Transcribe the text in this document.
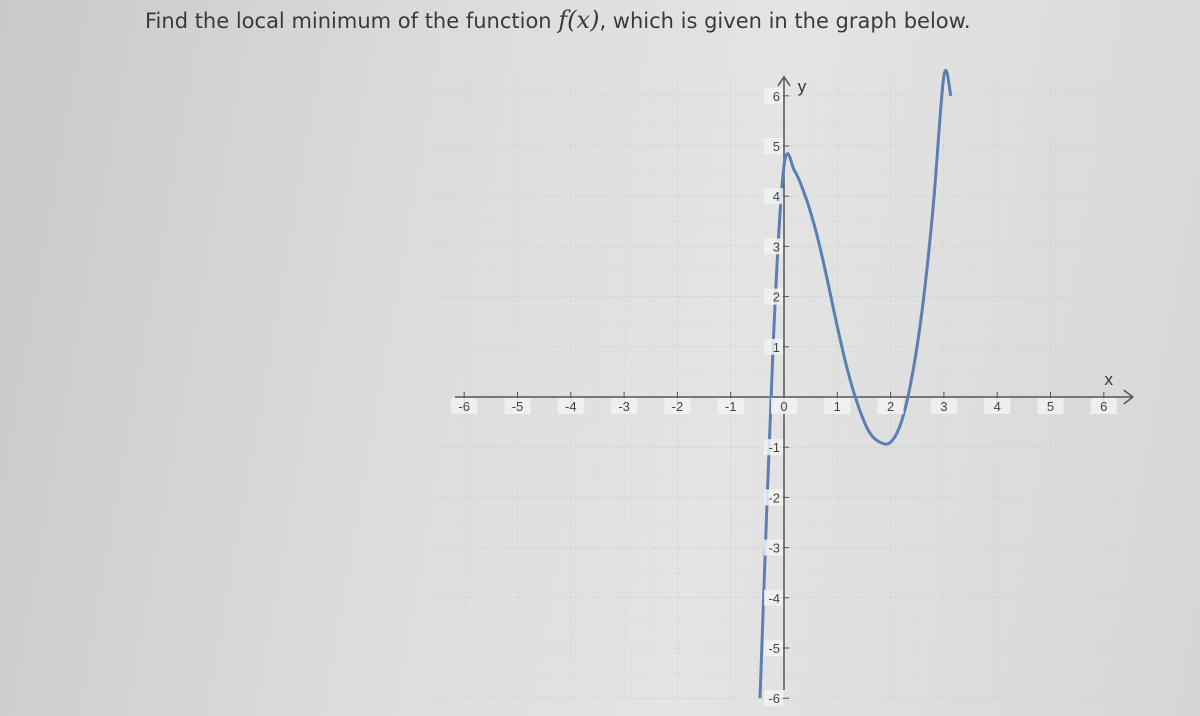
Find the local minimum of the function f(x), which is given in the graph below.
x
y
-6	-5	-4	-3	-2	-1	0	1	2	3	4	5	6
6
5
4
3
2
1
-1
-2
-3
-4
-5
-6
